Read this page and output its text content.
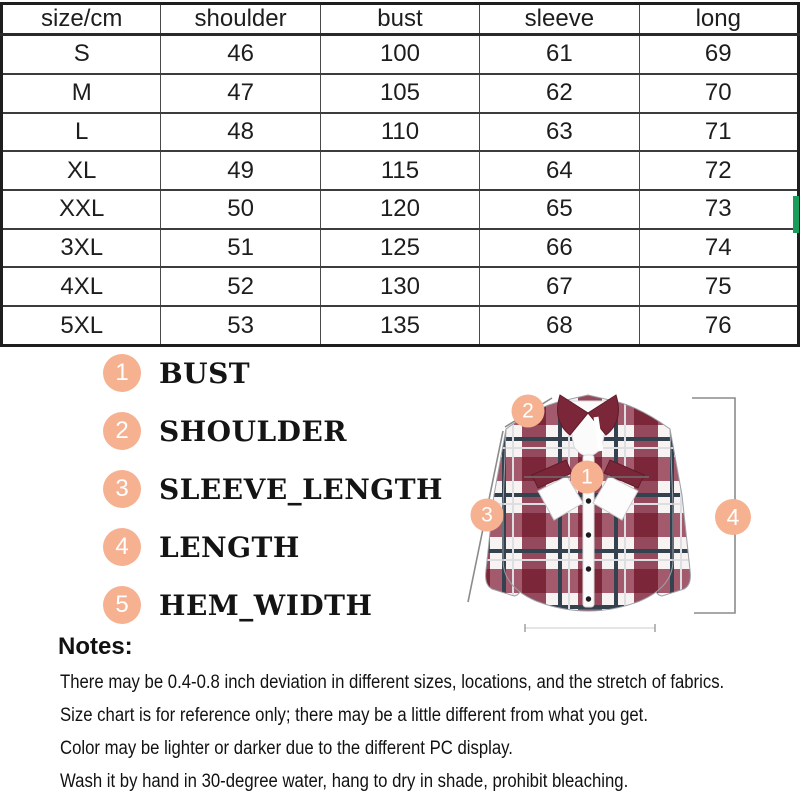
size/cm	shoulder	bust	sleeve	long
S	46	100	61	69
M	47	105	62	70
L	48	110	63	71
XL	49	115	64	72
XXL	50	120	65	73
3XL	51	125	66	74
4XL	52	130	67	75
5XL	53	135	68	76
1	BUST
2	SHOULDER
3	SLEEVE_LENGTH
4	LENGTH
5	HEM_WIDTH
1
2
3	4

Notes:

There may be 0.4-0.8 inch deviation in different sizes, locations, and the stretch of fabrics.

Size chart is for reference only; there may be a little different from what you get.

Color may be lighter or darker due to the different PC display.

Wash it by hand in 30-degree water, hang to dry in shade, prohibit bleaching.
